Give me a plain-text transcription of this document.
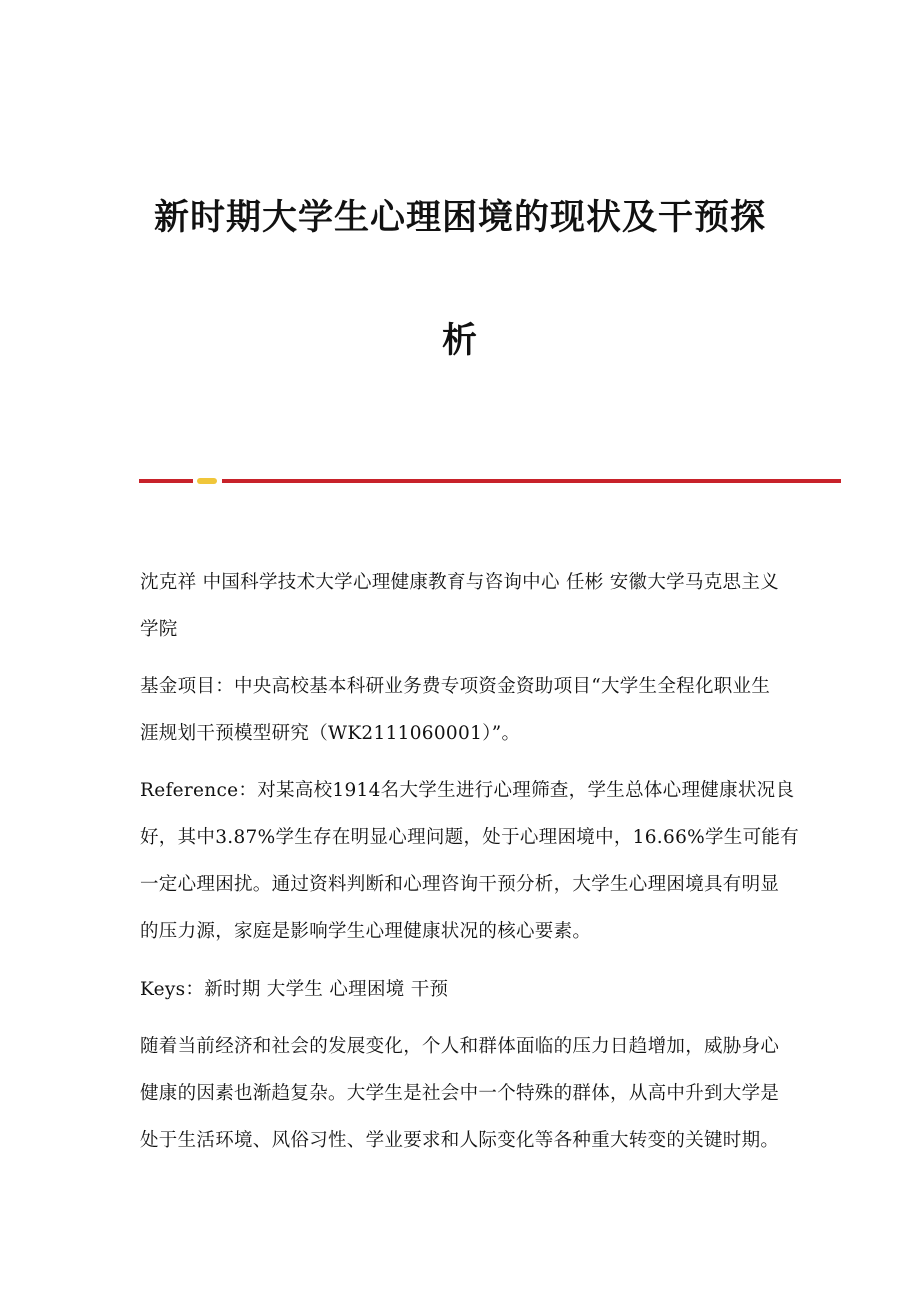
新时期大学生心理困境的现状及干预探
析
沈克祥 中国科学技术大学心理健康教育与咨询中心 任彬 安徽大学马克思主义
学院
基金项目：中央高校基本科研业务费专项资金资助项目“大学生全程化职业生
涯规划干预模型研究（WK2111060001）”。
Reference：对某高校1914名大学生进行心理筛查，学生总体心理健康状况良
好，其中3.87%学生存在明显心理问题，处于心理困境中，16.66%学生可能有
一定心理困扰。通过资料判断和心理咨询干预分析，大学生心理困境具有明显
的压力源，家庭是影响学生心理健康状况的核心要素。
Keys：新时期 大学生 心理困境 干预
随着当前经济和社会的发展变化，个人和群体面临的压力日趋增加，威胁身心
健康的因素也渐趋复杂。大学生是社会中一个特殊的群体，从高中升到大学是
处于生活环境、风俗习性、学业要求和人际变化等各种重大转变的关键时期。
